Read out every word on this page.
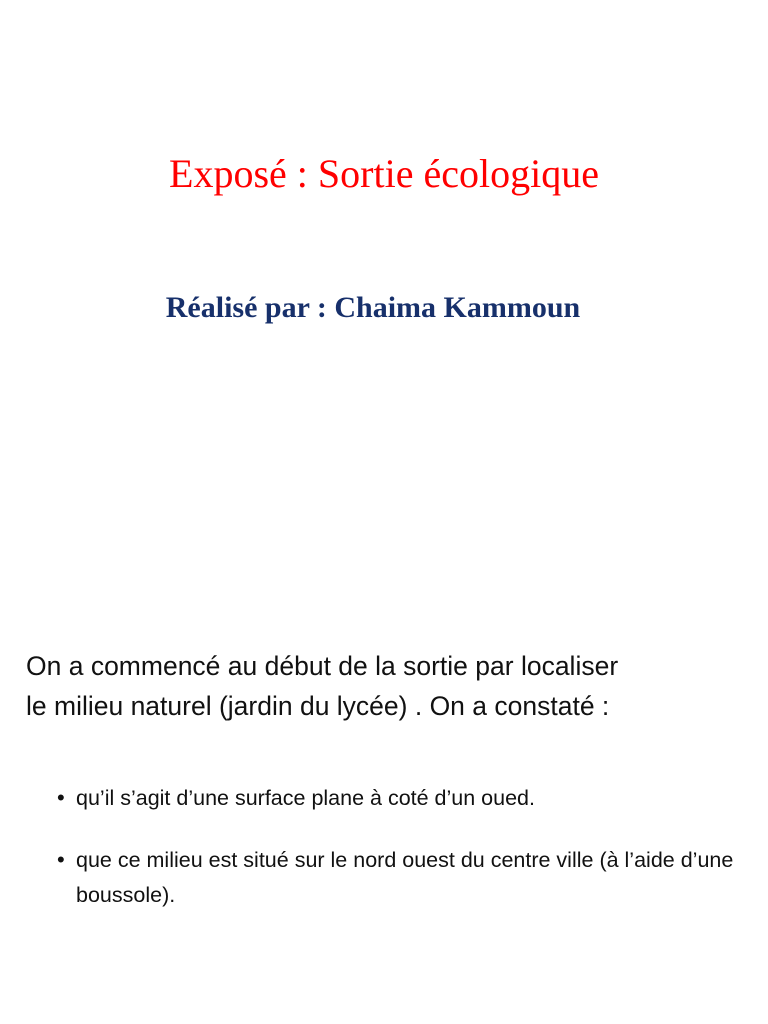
Exposé : Sortie écologique
Réalisé par : Chaima Kammoun
On a commencé au début de la sortie par localiser
le milieu naturel (jardin du lycée) . On a constaté :
• qu’il s’agit d’une surface plane à coté d’un oued.
• que ce milieu est situé sur le nord ouest du centre ville (à l’aide d’une boussole).
